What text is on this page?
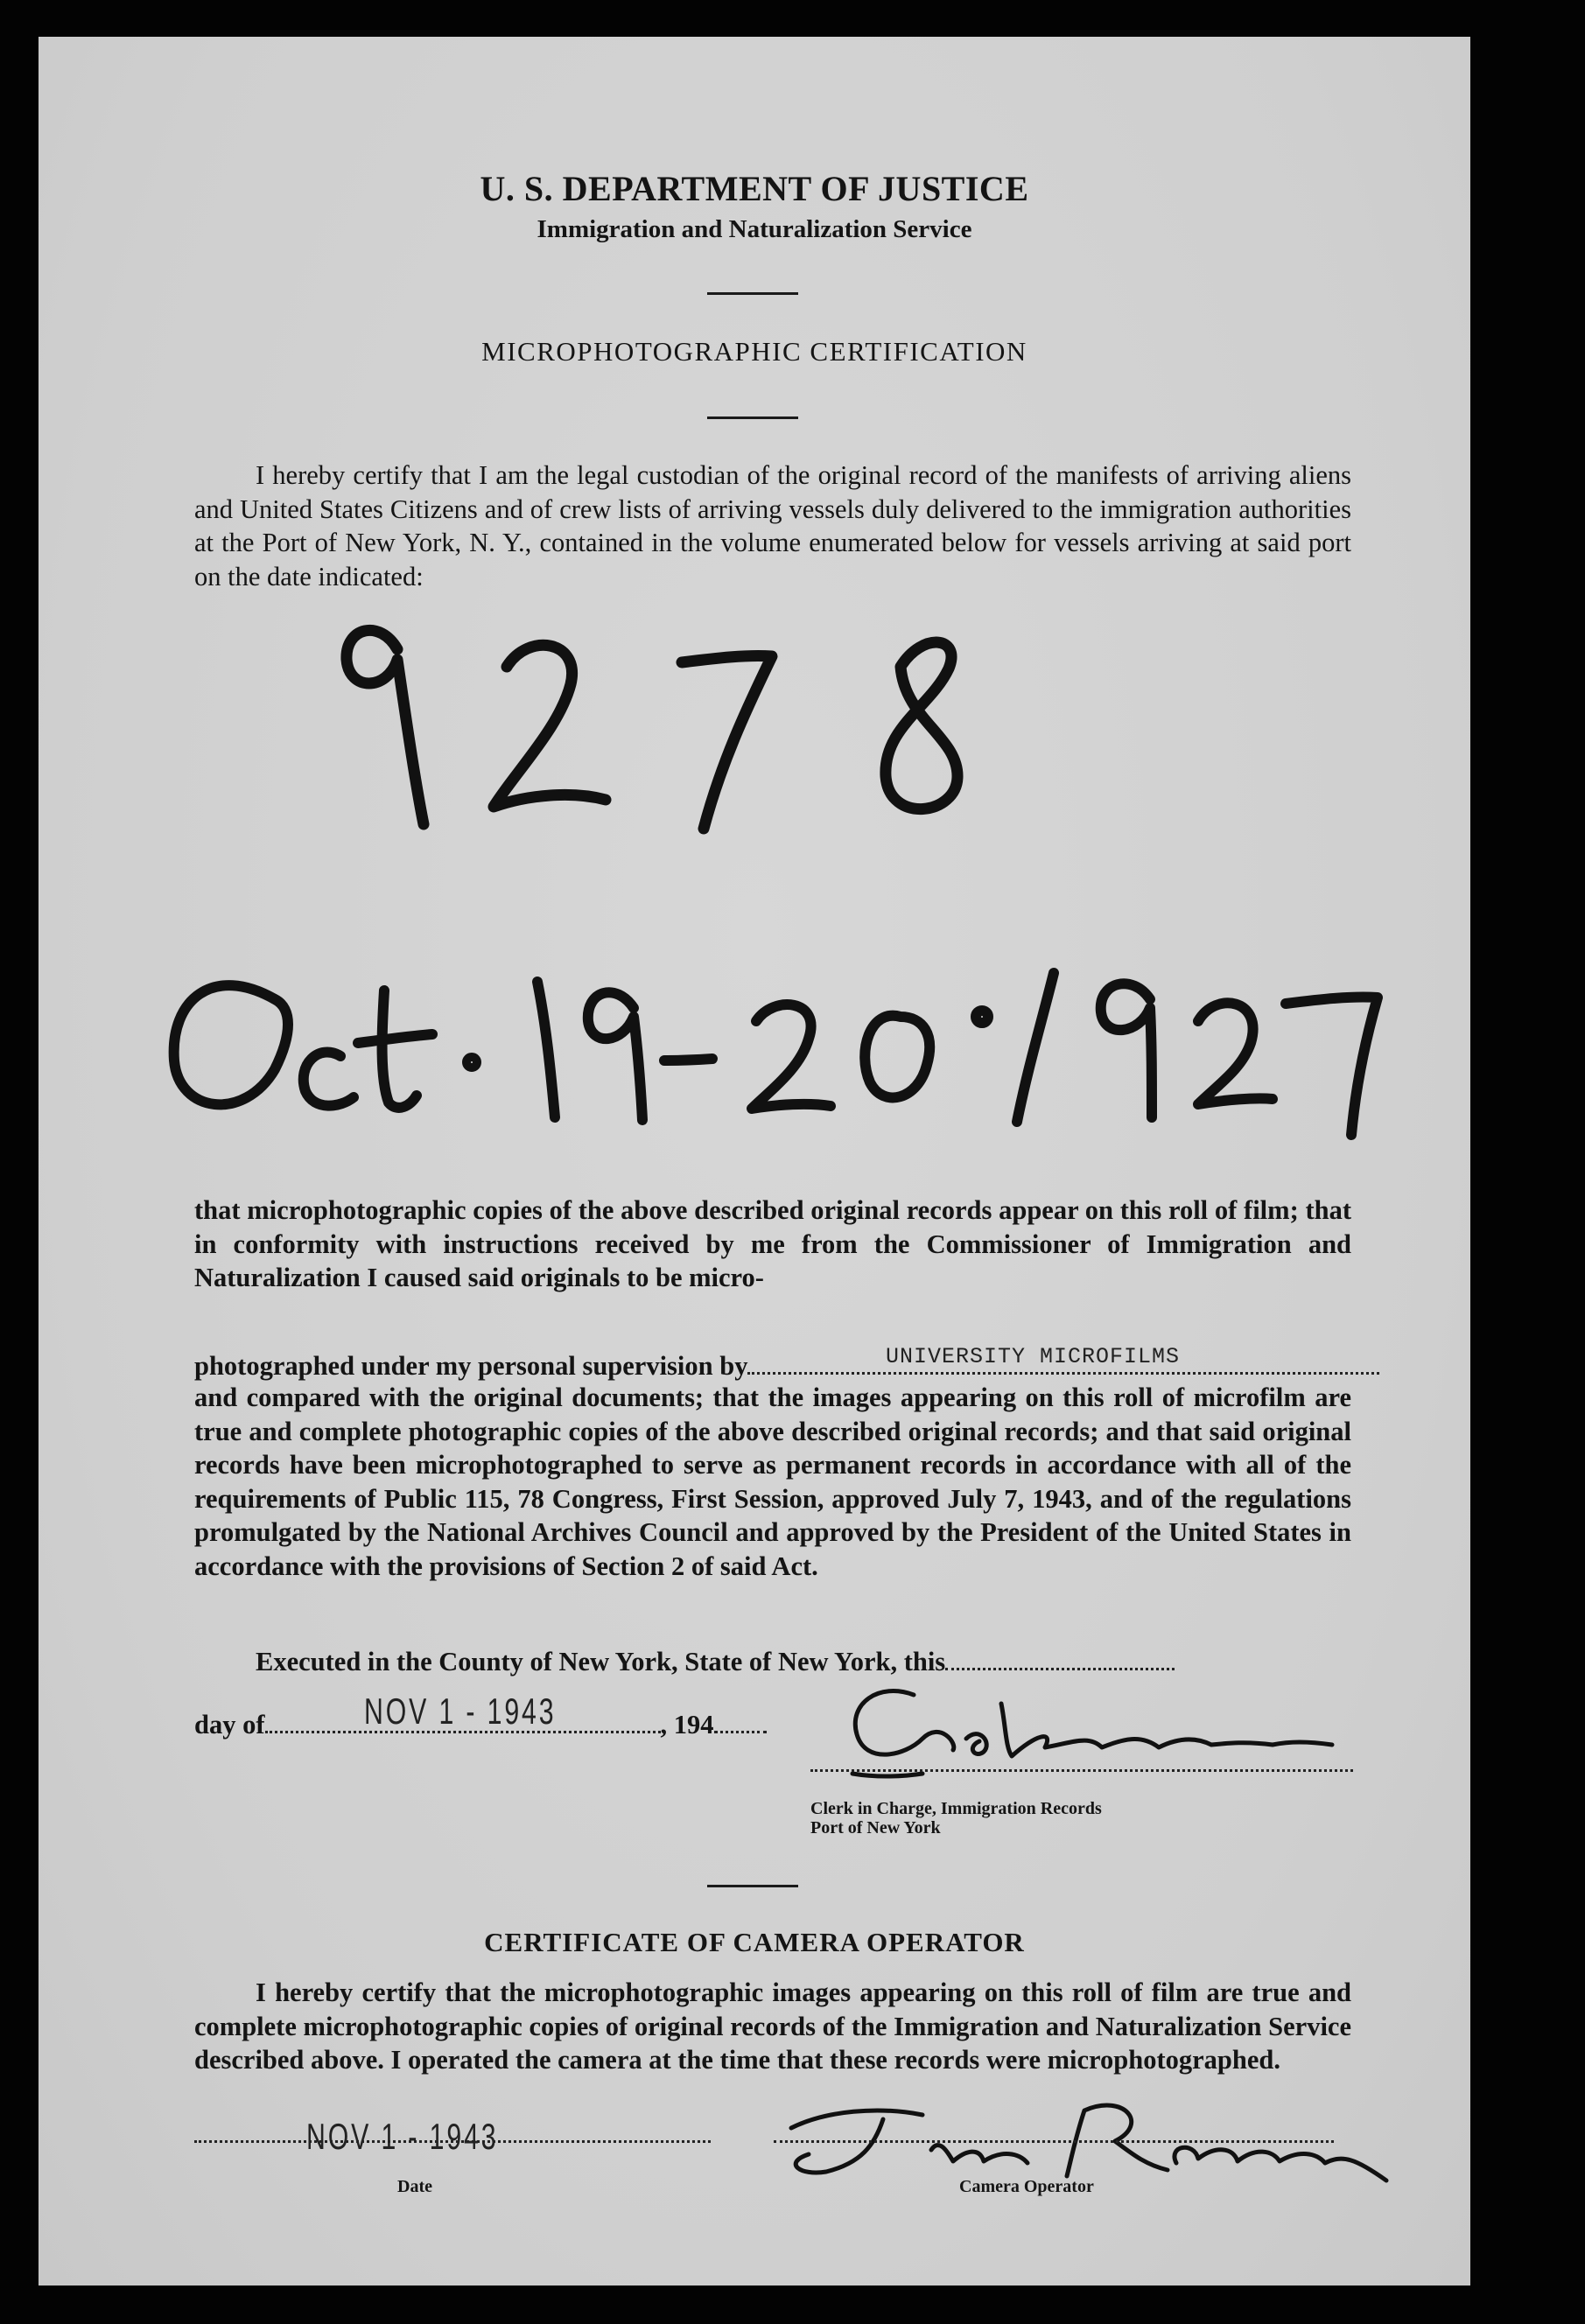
U. S. DEPARTMENT OF JUSTICE
Immigration and Naturalization Service
MICROPHOTOGRAPHIC CERTIFICATION
I hereby certify that I am the legal custodian of the original record of the manifests of arriving aliens and United States Citizens and of crew lists of arriving vessels duly delivered to the immigration authorities at the Port of New York, N. Y., contained in the volume enumerated below for vessels arriving at said port on the date indicated:
that microphotographic copies of the above described original records appear on this roll of film; that in conformity with instructions received by me from the Commissioner of Immigration and Naturalization I caused said originals to be micro-
photographed under my personal supervision by	UNIVERSITY MICROFILMS
and compared with the original documents; that the images appearing on this roll of microfilm are true and complete photographic copies of the above described original records; and that said original records have been microphotographed to serve as permanent records in accordance with all of the requirements of Public 115, 78 Congress, First Session, approved July 7, 1943, and of the regulations promulgated by the National Archives Council and approved by the President of the United States in accordance with the provisions of Section 2 of said Act.
Executed in the County of New York, State of New York, this
day of	, 194
NOV 1 - 1943
Clerk in Charge, Immigration Records
Port of New York
CERTIFICATE OF CAMERA OPERATOR
I hereby certify that the microphotographic images appearing on this roll of film are true and complete microphotographic copies of original records of the Immigration and Naturalization Service described above. I operated the camera at the time that these records were microphotographed.
NOV 1 - 1943
Date	Camera Operator
